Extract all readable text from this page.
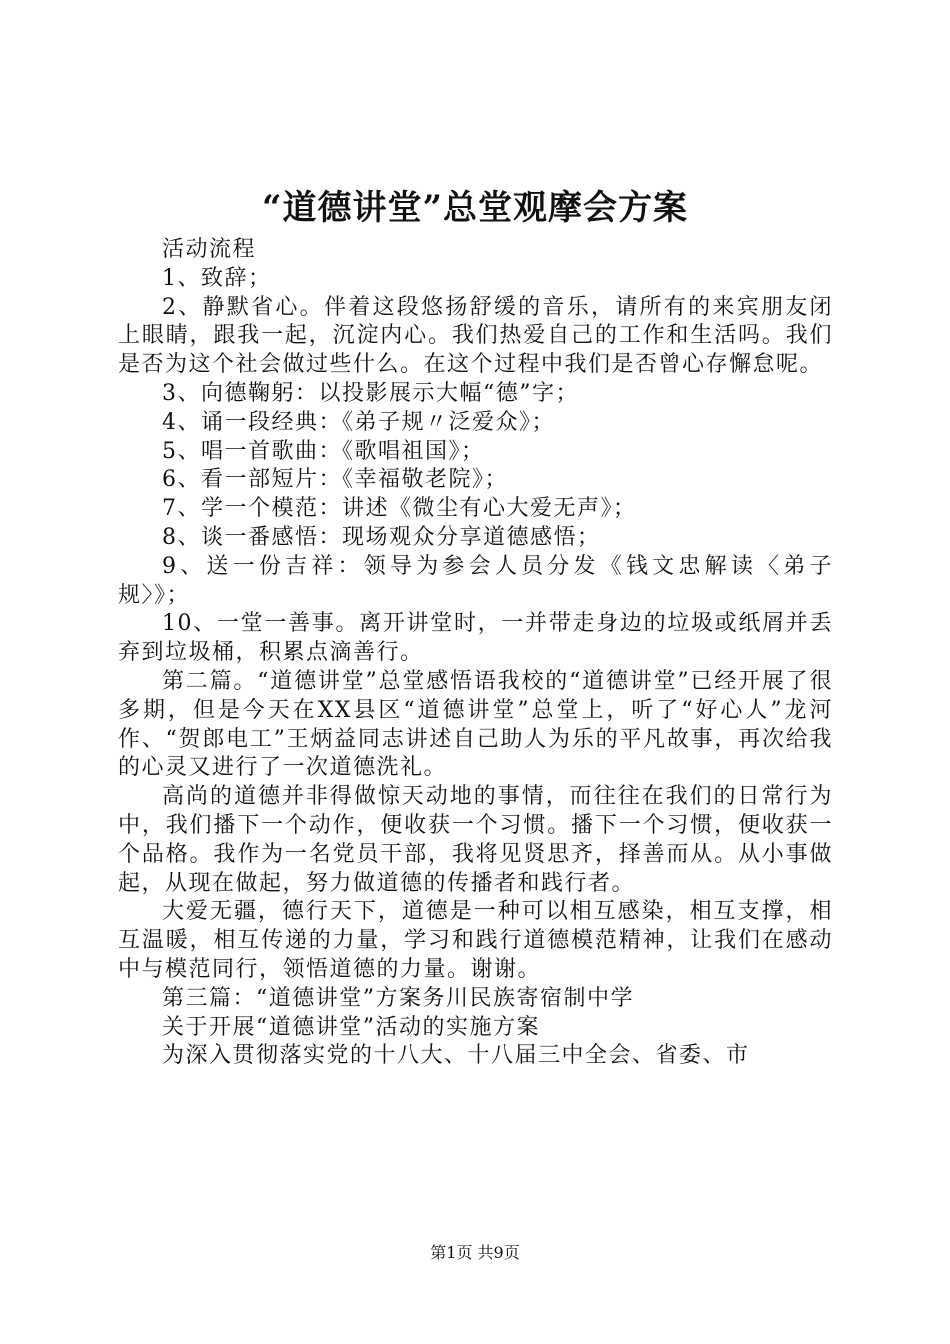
“道德讲堂”总堂观摩会方案

活动流程

1、致辞；

2、静默省心。伴着这段悠扬舒缓的音乐，请所有的来宾朋友闭上眼睛，跟我一起，沉淀内心。我们热爱自己的工作和生活吗。我们是否为这个社会做过些什么。在这个过程中我们是否曾心存懈怠呢。

3、向德鞠躬：以投影展示大幅“德”字；

4、诵一段经典：《弟子规〃泛爱众》；

5、唱一首歌曲：《歌唱祖国》；

6、看一部短片：《幸福敬老院》；

7、学一个模范：讲述《微尘有心大爱无声》；

8、谈一番感悟：现场观众分享道德感悟；

9、送一份吉祥：领导为参会人员分发《钱文忠解读〈弟子规〉》；

10、一堂一善事。离开讲堂时，一并带走身边的垃圾或纸屑并丢弃到垃圾桶，积累点滴善行。

第二篇。“道德讲堂”总堂感悟语我校的“道德讲堂”已经开展了很多期，但是今天在XX县区“道德讲堂”总堂上，听了“好心人”龙河作、“贺郎电工”王炳益同志讲述自己助人为乐的平凡故事，再次给我的心灵又进行了一次道德洗礼。

高尚的道德并非得做惊天动地的事情，而往往在我们的日常行为中，我们播下一个动作，便收获一个习惯。播下一个习惯，便收获一个品格。我作为一名党员干部，我将见贤思齐，择善而从。从小事做起，从现在做起，努力做道德的传播者和践行者。

大爱无疆，德行天下，道德是一种可以相互感染，相互支撑，相互温暖，相互传递的力量，学习和践行道德模范精神，让我们在感动中与模范同行，领悟道德的力量。谢谢。

第三篇：“道德讲堂”方案务川民族寄宿制中学

关于开展“道德讲堂”活动的实施方案

为深入贯彻落实党的十八大、十八届三中全会、省委、市

第1页 共9页
